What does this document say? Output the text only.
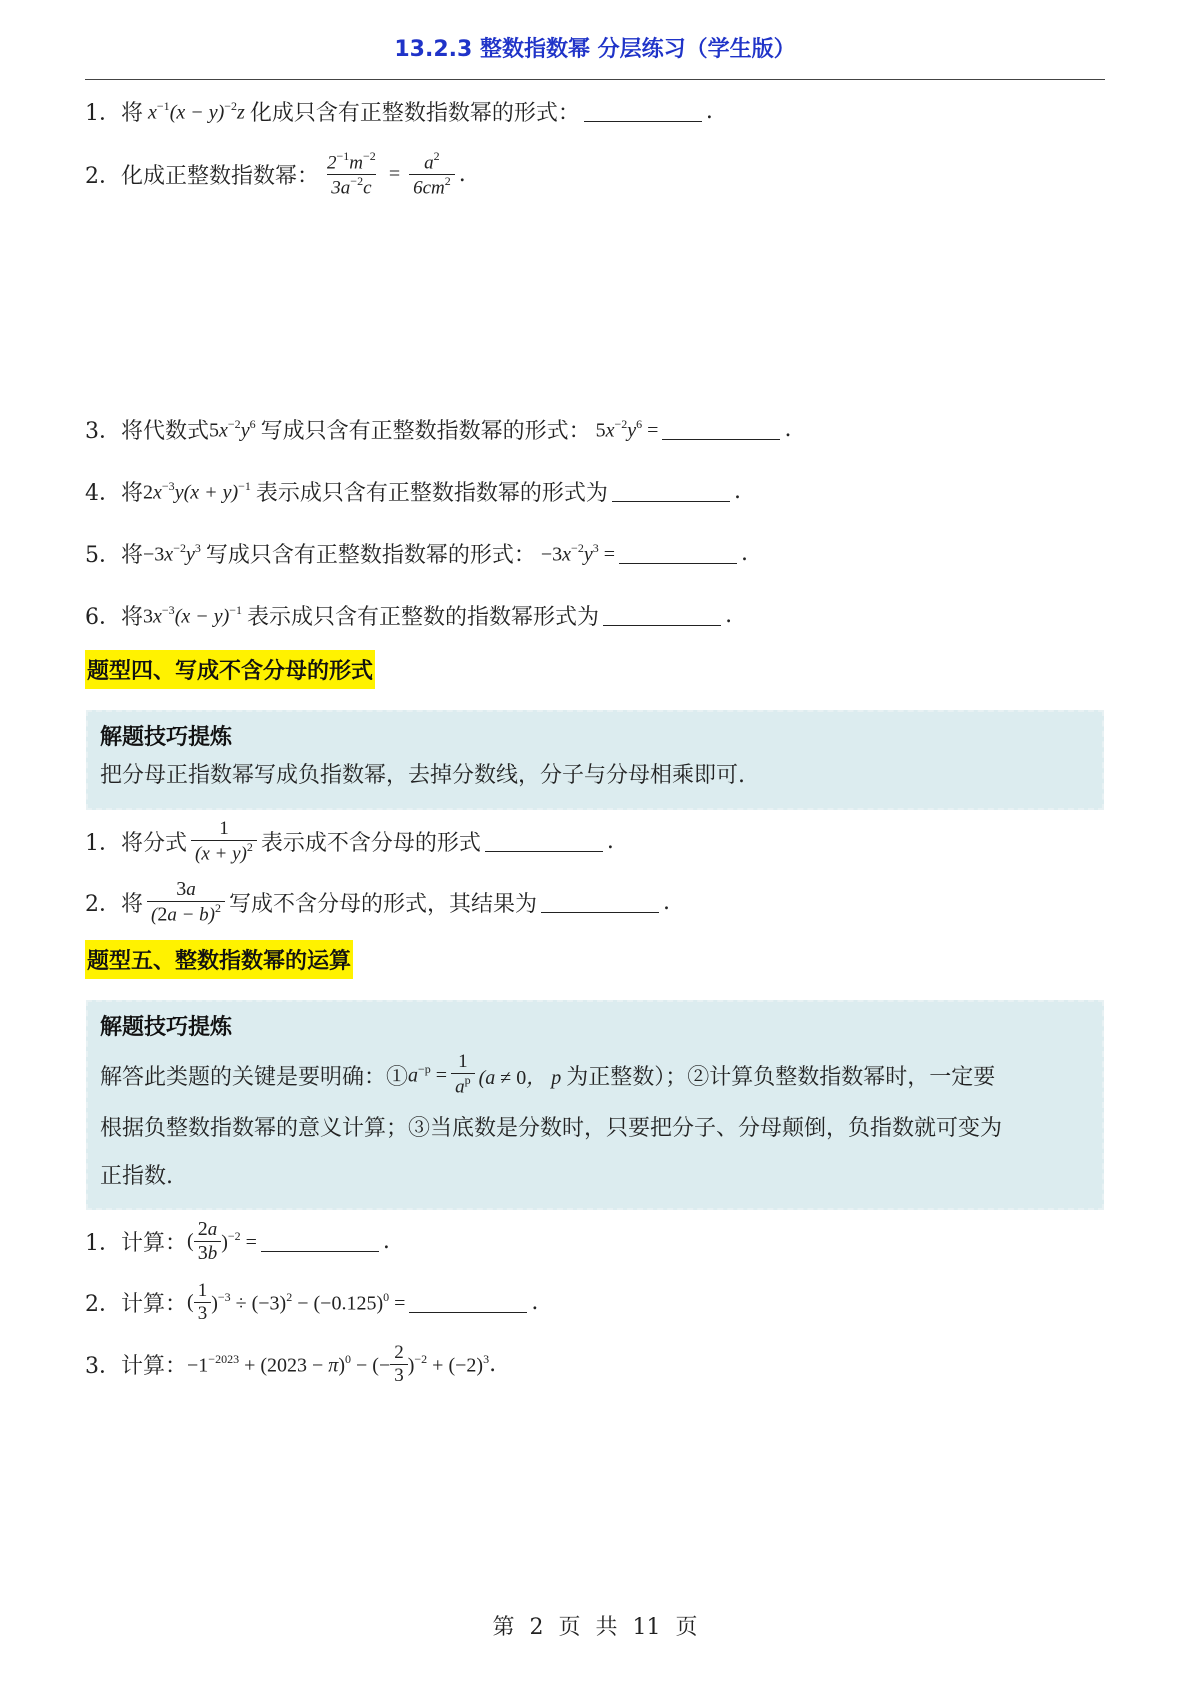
13.2.3 整数指数幂 分层练习（学生版）
1． 将 $x^{-1}(x - y)^{-2}z$ 化成只含有正整数指数幂的形式：	.
2． 化成正整数指数幂： $\frac{2^{-1}m^{-2}}{3a^{-2}c} = \frac{a^2}{6cm^2}$ .
3． 将代数式 $5x^{-2}y^6$ 写成只含有正整数指数幂的形式： $5x^{-2}y^6$ =	.
4． 将 $2x^{-3}y(x + y)^{-1}$ 表示成只含有正整数指数幂的形式为	.
5． 将 $-3x^{-2}y^3$ 写成只含有正整数指数幂的形式： $-3x^{-2}y^3$ =	.
6． 将 $3x^{-3}(x - y)^{-1}$ 表示成只含有正整数的指数幂形式为	.
题型四、写成不含分母的形式
解题技巧提炼
把分母正指数幂写成负指数幂，去掉分数线，分子与分母相乘即可.
1． 将分式 $\frac{1}{(x + y)^2}$ 表示成不含分母的形式	.
2． 将 $\frac{3a}{(2a - b)^2}$ 写成不含分母的形式，其结果为	.
题型五、整数指数幂的运算
解题技巧提炼
解答此类题的关键是要明确：① $a^{-p} = \frac{1}{a^p} (a \ne 0$， p 为正整数）；②计算负整数指数幂时，一定要
根据负整数指数幂的意义计算；③当底数是分数时，只要把分子、分母颠倒，负指数就可变为
正指数.
1． 计算： ( $\frac{2a}{3b} )^{-2}$ =	.
2． 计算： ( $\frac{1}{3} )^{-3} \div (-3)^2 - (-0.125)^0$ =	.
3． 计算： $-1^{-2023} + (2023 - \pi)^0$ − (− $\frac{2}{3} )^{-2} + (-2)^3$ .
第 2 页 共 11 页
